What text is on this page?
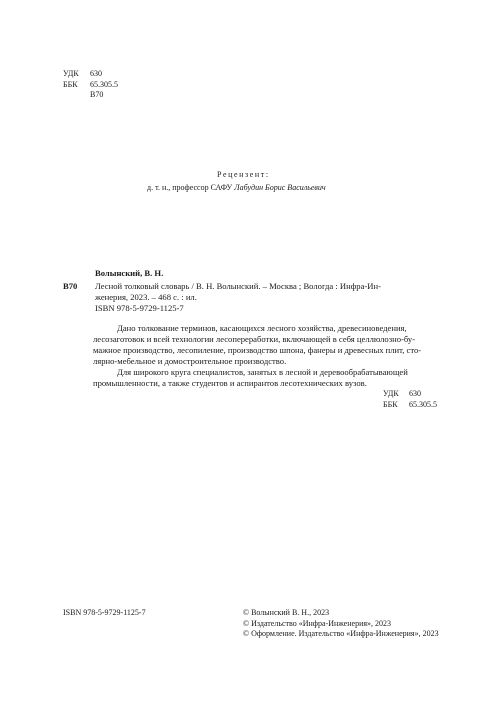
УДК 630
ББК 65.305.5
В70
Рецензент:
д. т. н., профессор САФУ Лабудин Борис Васильевич
Волынский, В. Н.
В70 Лесной толковый словарь / В. Н. Волынский. – Москва ; Вологда : Инфра-Ин-
женерия, 2023. – 468 с. : ил.
ISBN 978-5-9729-1125-7

Дано толкование терминов, касающихся лесного хозяйства, древесиноведения,

лесозаготовок и всей технологии лесопереработки, включающей в себя целлюлозно-бу-

мажное производство, лесопиление, производство шпона, фанеры и древесных плит, сто-

лярно-мебельное и домостроительное производство.

Для широкого круга специалистов, занятых в лесной и деревообрабатывающей

промышленности, а также студентов и аспирантов лесотехнических вузов.

УДК 630
ББК 65.305.5
ISBN 978-5-9729-1125-7	© Волынский В. Н., 2023
© Издательство «Инфра-Инженерия», 2023
© Оформление. Издательство «Инфра-Инженерия», 2023
